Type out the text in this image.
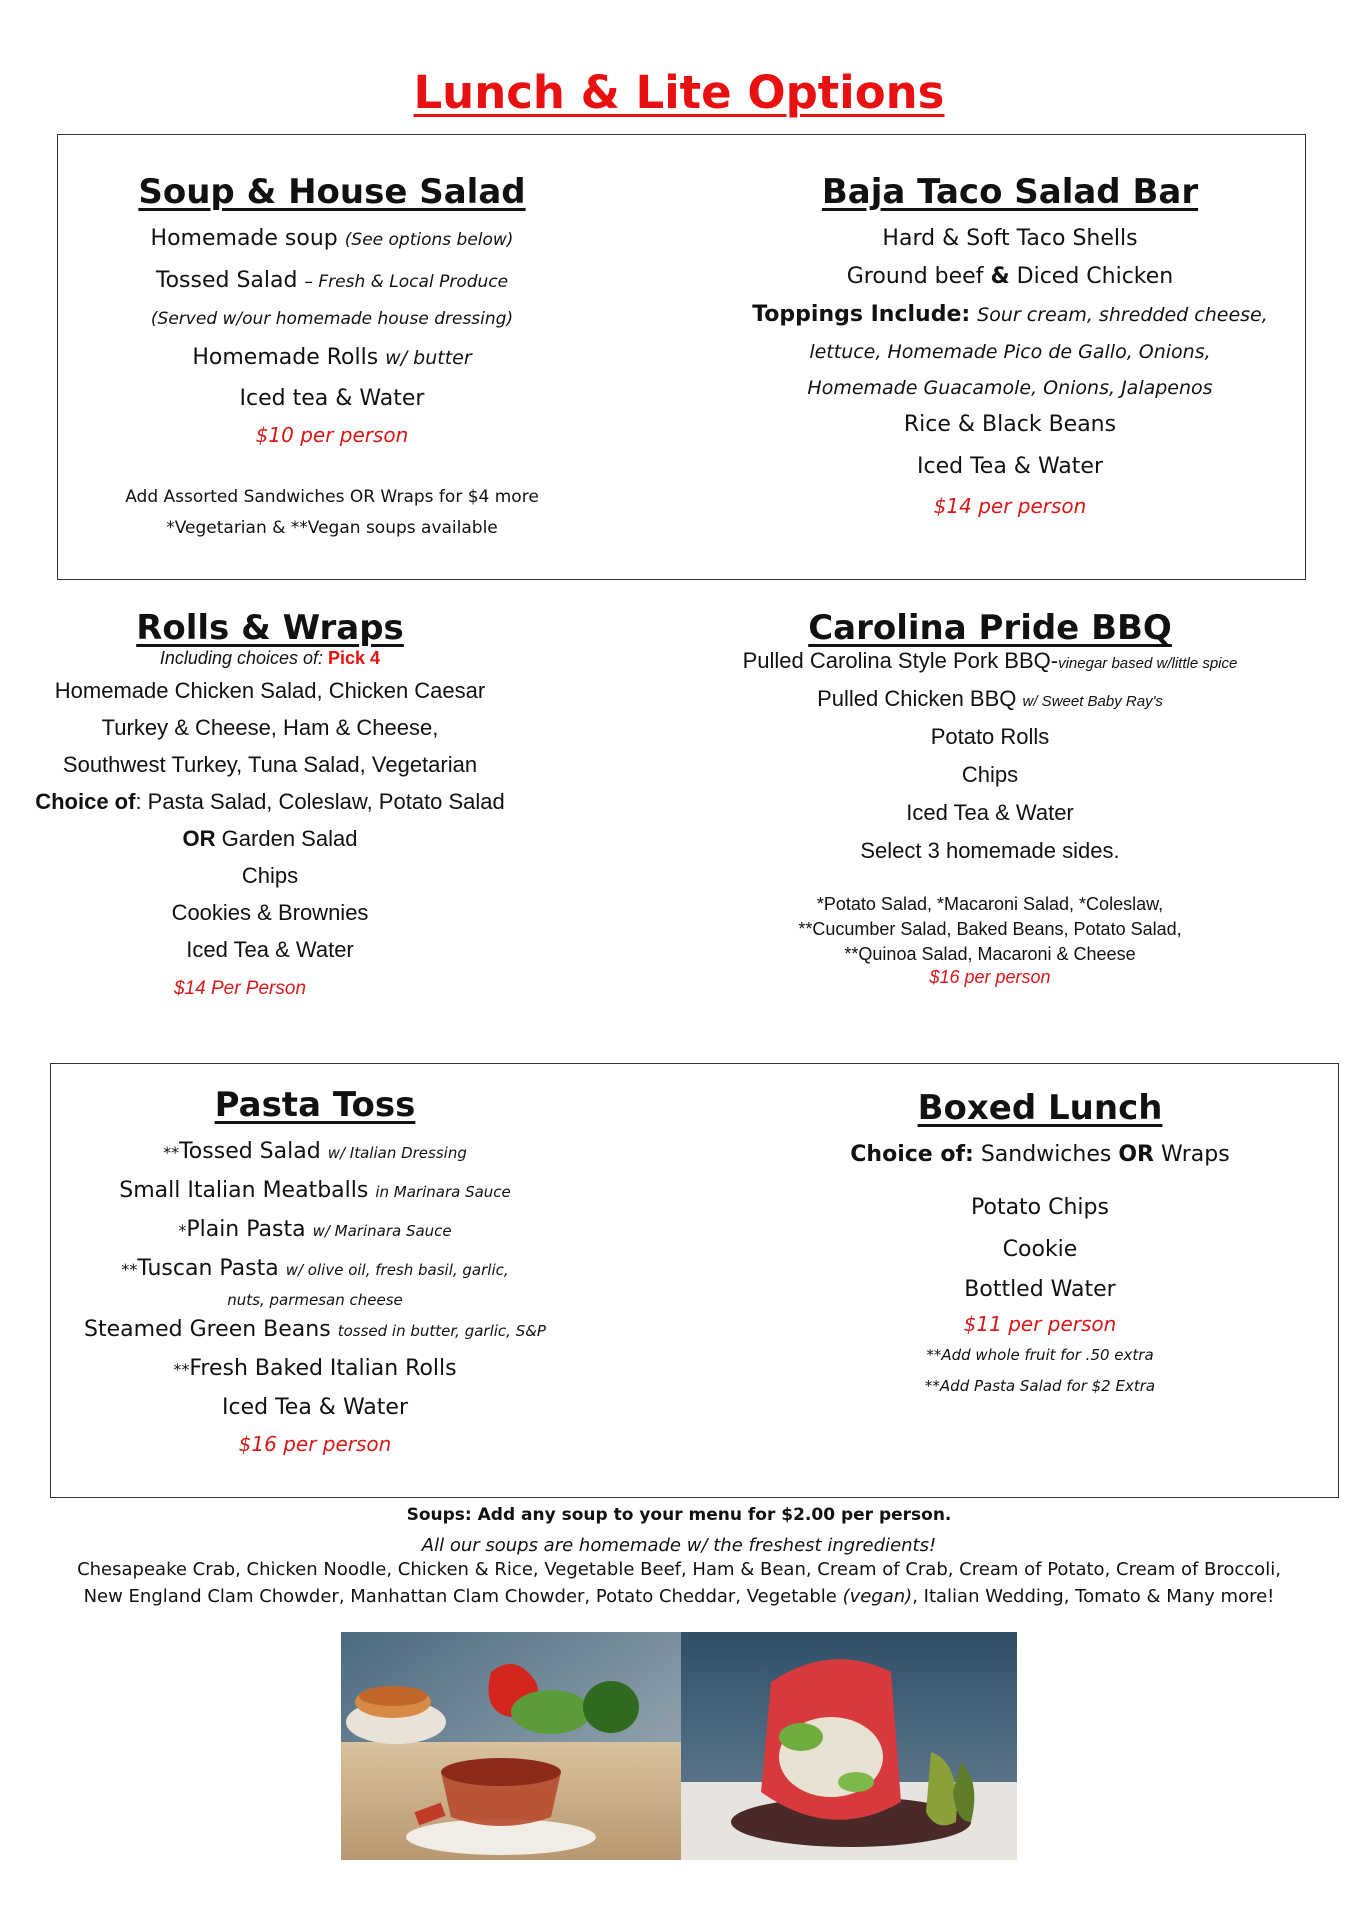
Lunch & Lite Options
Soup & House Salad
Homemade soup (See options below)
Tossed Salad – Fresh & Local Produce
(Served w/our homemade house dressing)
Homemade Rolls w/ butter
Iced tea & Water
$10 per person
Add Assorted Sandwiches OR Wraps for $4 more
*Vegetarian & **Vegan soups available
Baja Taco Salad Bar
Hard & Soft Taco Shells
Ground beef & Diced Chicken
Toppings Include: Sour cream, shredded cheese,
lettuce, Homemade Pico de Gallo, Onions,
Homemade Guacamole, Onions, Jalapenos
Rice & Black Beans
Iced Tea & Water
$14 per person
Rolls & Wraps
Including choices of: Pick 4
Homemade Chicken Salad, Chicken Caesar
Turkey & Cheese, Ham & Cheese,
Southwest Turkey, Tuna Salad, Vegetarian
Choice of: Pasta Salad, Coleslaw, Potato Salad
OR Garden Salad
Chips
Cookies & Brownies
Iced Tea & Water
$14 Per Person
Carolina Pride BBQ
Pulled Carolina Style Pork BBQ-vinegar based w/little spice
Pulled Chicken BBQ w/ Sweet Baby Ray's
Potato Rolls
Chips
Iced Tea & Water
Select 3 homemade sides.
*Potato Salad, *Macaroni Salad, *Coleslaw,
**Cucumber Salad, Baked Beans, Potato Salad,
**Quinoa Salad, Macaroni & Cheese
$16 per person
Pasta Toss
**Tossed Salad w/ Italian Dressing
Small Italian Meatballs in Marinara Sauce
*Plain Pasta w/ Marinara Sauce
**Tuscan Pasta w/ olive oil, fresh basil, garlic,
nuts, parmesan cheese
Steamed Green Beans tossed in butter, garlic, S&P
**Fresh Baked Italian Rolls
Iced Tea & Water
$16 per person
Boxed Lunch
Choice of: Sandwiches OR Wraps
Potato Chips
Cookie
Bottled Water
$11 per person
**Add whole fruit for .50 extra
**Add Pasta Salad for $2 Extra
Soups: Add any soup to your menu for $2.00 per person.
All our soups are homemade w/ the freshest ingredients!
Chesapeake Crab, Chicken Noodle, Chicken & Rice, Vegetable Beef, Ham & Bean, Cream of Crab, Cream of Potato, Cream of Broccoli,
New England Clam Chowder, Manhattan Clam Chowder, Potato Cheddar, Vegetable (vegan), Italian Wedding, Tomato & Many more!
